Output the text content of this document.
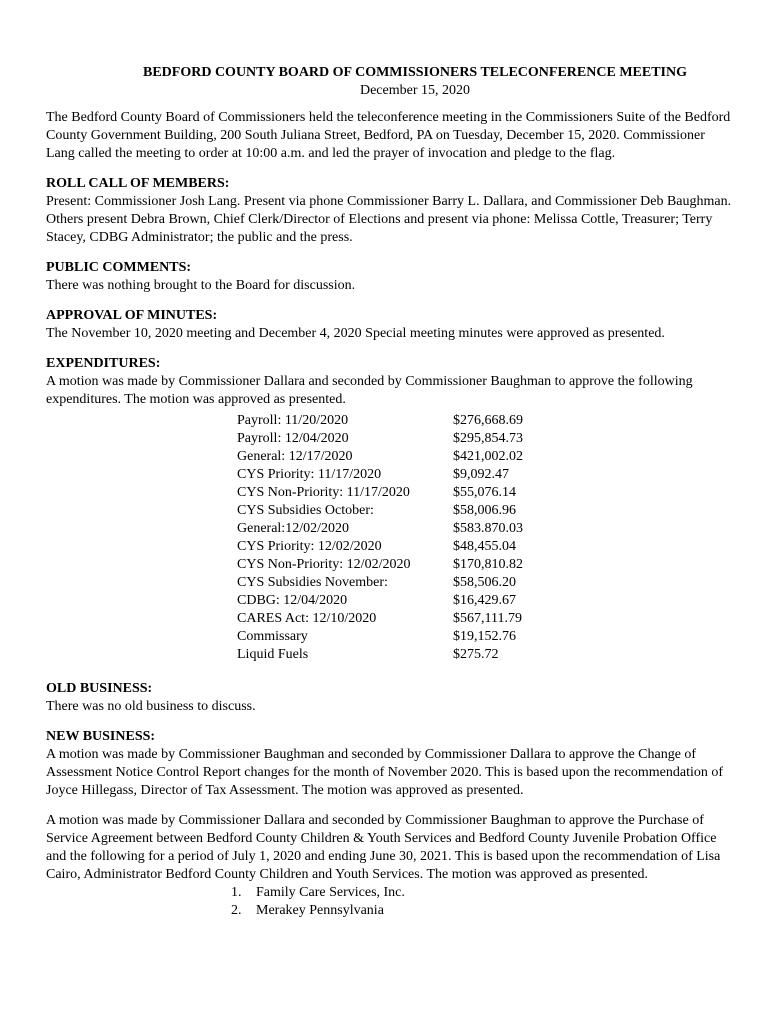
BEDFORD COUNTY BOARD OF COMMISSIONERS TELECONFERENCE MEETING

December 15, 2020

The Bedford County Board of Commissioners held the teleconference meeting in the Commissioners Suite of the Bedford County Government Building, 200 South Juliana Street, Bedford, PA on Tuesday, December 15, 2020. Commissioner Lang called the meeting to order at 10:00 a.m. and led the prayer of invocation and pledge to the flag.

ROLL CALL OF MEMBERS:

Present: Commissioner Josh Lang. Present via phone Commissioner Barry L. Dallara, and Commissioner Deb Baughman. Others present Debra Brown, Chief Clerk/Director of Elections and present via phone: Melissa Cottle, Treasurer; Terry Stacey, CDBG Administrator; the public and the press.

PUBLIC COMMENTS:

There was nothing brought to the Board for discussion.

APPROVAL OF MINUTES:

The November 10, 2020 meeting and December 4, 2020 Special meeting minutes were approved as presented.

EXPENDITURES:

A motion was made by Commissioner Dallara and seconded by Commissioner Baughman to approve the following expenditures. The motion was approved as presented.

Payroll: 11/20/2020	$276,668.69
Payroll: 12/04/2020	$295,854.73
General: 12/17/2020	$421,002.02
CYS Priority: 11/17/2020	$9,092.47
CYS Non-Priority: 11/17/2020	$55,076.14
CYS Subsidies October:	$58,006.96
General:12/02/2020	$583.870.03
CYS Priority: 12/02/2020	$48,455.04
CYS Non-Priority: 12/02/2020	$170,810.82
CYS Subsidies November:	$58,506.20
CDBG: 12/04/2020	$16,429.67
CARES Act: 12/10/2020	$567,111.79
Commissary	$19,152.76
Liquid Fuels	$275.72

OLD BUSINESS:

There was no old business to discuss.

NEW BUSINESS:

A motion was made by Commissioner Baughman and seconded by Commissioner Dallara to approve the Change of Assessment Notice Control Report changes for the month of November 2020. This is based upon the recommendation of Joyce Hillegass, Director of Tax Assessment. The motion was approved as presented.

A motion was made by Commissioner Dallara and seconded by Commissioner Baughman to approve the Purchase of Service Agreement between Bedford County Children & Youth Services and Bedford County Juvenile Probation Office and the following for a period of July 1, 2020 and ending June 30, 2021. This is based upon the recommendation of Lisa Cairo, Administrator Bedford County Children and Youth Services. The motion was approved as presented.

1. Family Care Services, Inc.
2. Merakey Pennsylvania
